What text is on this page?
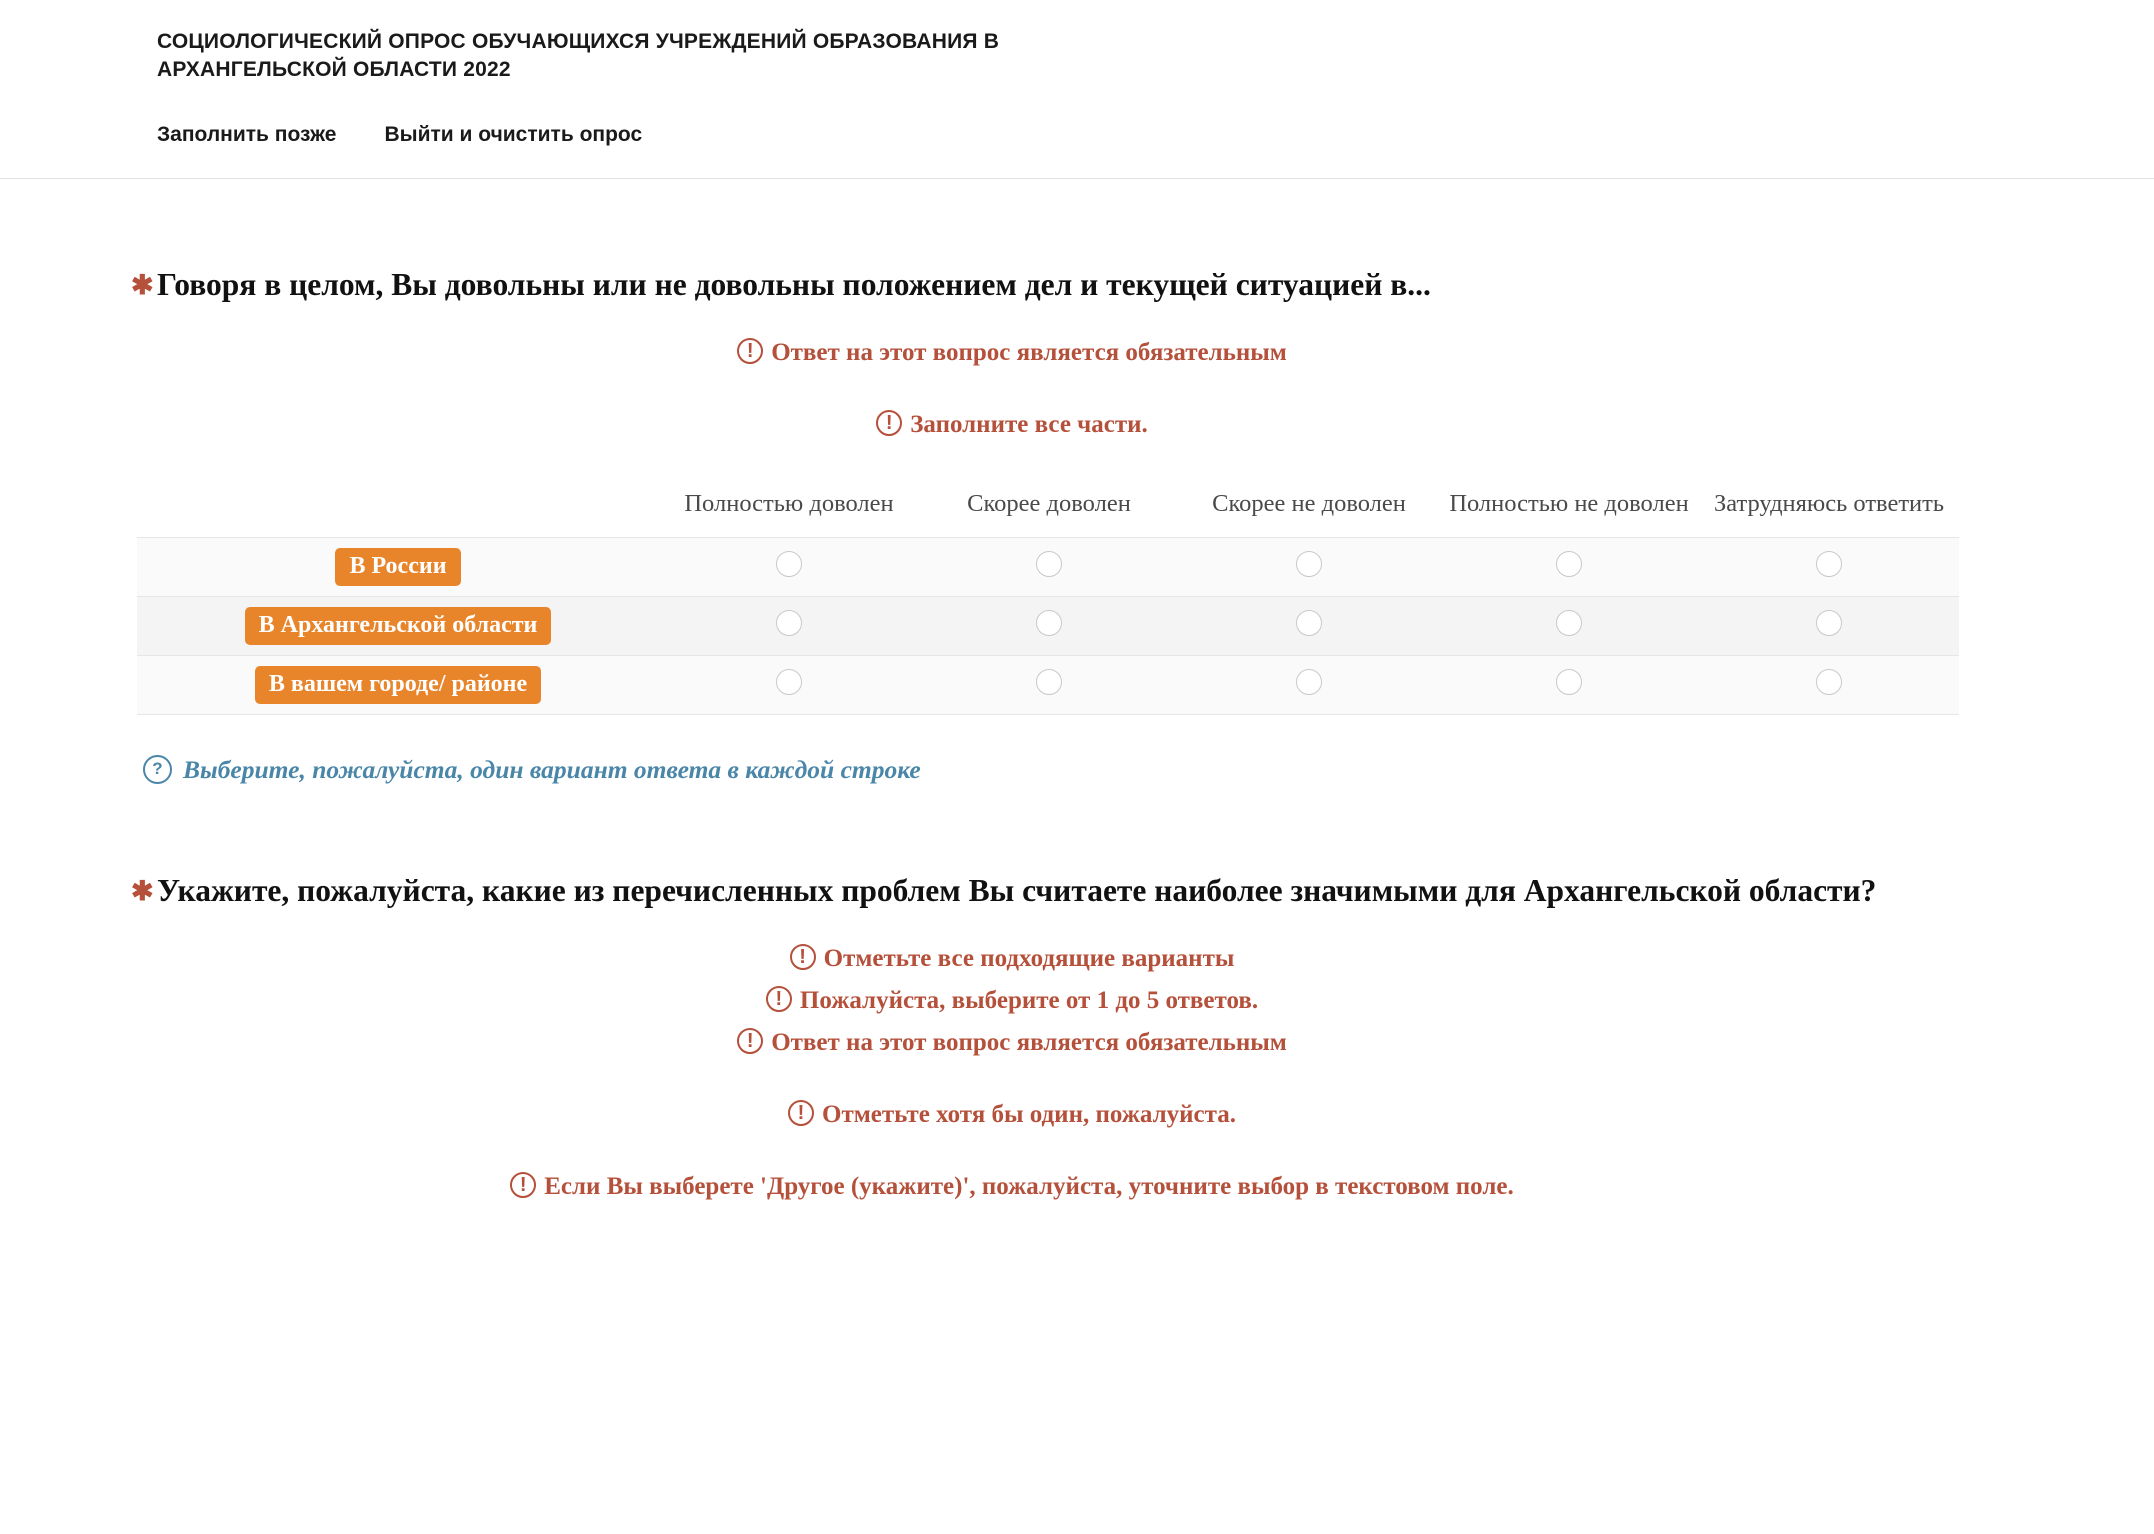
СОЦИОЛОГИЧЕСКИЙ ОПРОС ОБУЧАЮЩИХСЯ УЧРЕЖДЕНИЙ ОБРАЗОВАНИЯ В АРХАНГЕЛЬСКОЙ ОБЛАСТИ 2022
Заполнить позже Выйти и очистить опрос
✱ Говоря в целом, Вы довольны или не довольны положением дел и текущей ситуацией в...
! Ответ на этот вопрос является обязательным
! Заполните все части.
	Полностью доволен	Скорее доволен	Скорее не доволен	Полностью не доволен	Затрудняюсь ответить
В России					
В Архангельской области					
В вашем городе/ районе					
? Выберите, пожалуйста, один вариант ответа в каждой строке
✱ Укажите, пожалуйста, какие из перечисленных проблем Вы считаете наиболее значимыми для Архангельской области?
! Отметьте все подходящие варианты
! Пожалуйста, выберите от 1 до 5 ответов.
! Ответ на этот вопрос является обязательным
! Отметьте хотя бы один, пожалуйста.
! Если Вы выберете 'Другое (укажите)', пожалуйста, уточните выбор в текстовом поле.
